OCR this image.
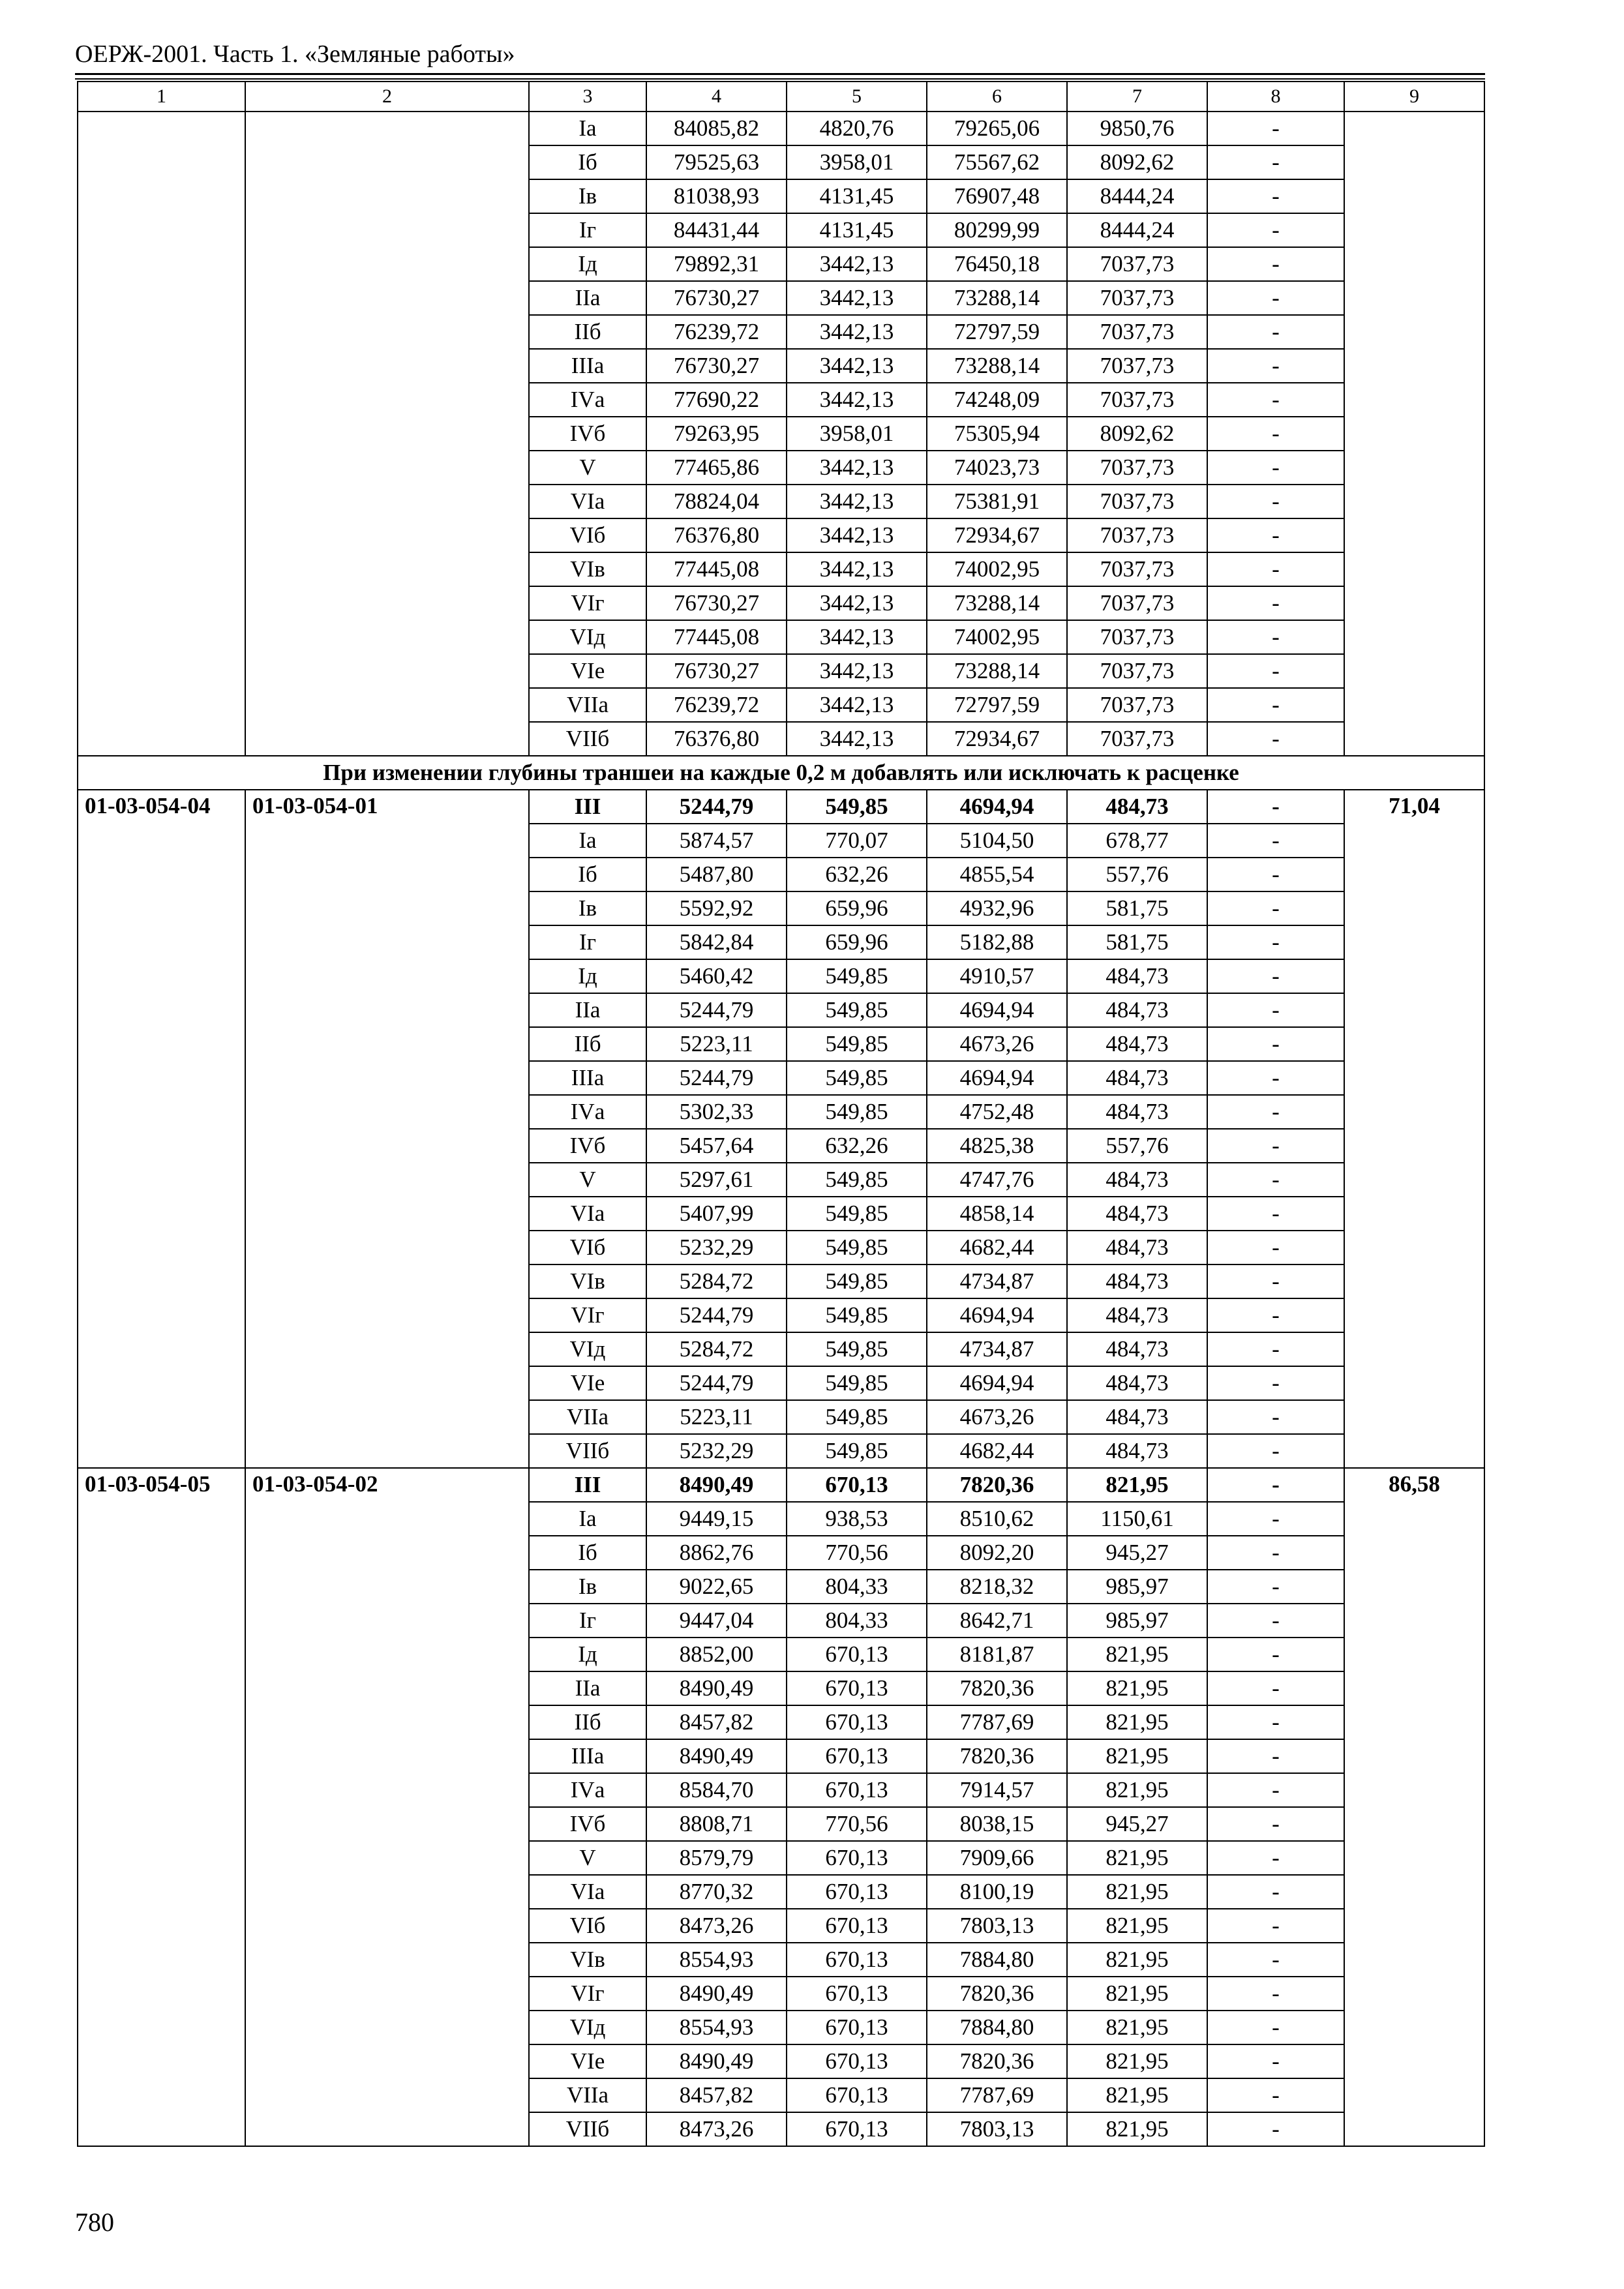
ОЕРЖ-2001. Часть 1. «Земляные работы»
1	2	3	4	5	6	7	8	9
		Iа	84085,82	4820,76	79265,06	9850,76	-	
		Iб	79525,63	3958,01	75567,62	8092,62	-	
		Iв	81038,93	4131,45	76907,48	8444,24	-	
		Iг	84431,44	4131,45	80299,99	8444,24	-	
		Iд	79892,31	3442,13	76450,18	7037,73	-	
		IIа	76730,27	3442,13	73288,14	7037,73	-	
		IIб	76239,72	3442,13	72797,59	7037,73	-	
		IIIа	76730,27	3442,13	73288,14	7037,73	-	
		IVа	77690,22	3442,13	74248,09	7037,73	-	
		IVб	79263,95	3958,01	75305,94	8092,62	-	
		V	77465,86	3442,13	74023,73	7037,73	-	
		VIа	78824,04	3442,13	75381,91	7037,73	-	
		VIб	76376,80	3442,13	72934,67	7037,73	-	
		VIв	77445,08	3442,13	74002,95	7037,73	-	
		VIг	76730,27	3442,13	73288,14	7037,73	-	
		VIд	77445,08	3442,13	74002,95	7037,73	-	
		VIе	76730,27	3442,13	73288,14	7037,73	-	
		VIIа	76239,72	3442,13	72797,59	7037,73	-	
		VIIб	76376,80	3442,13	72934,67	7037,73	-	
При изменении глубины траншеи на каждые 0,2 м добавлять или исключать к расценке								
01-03-054-04	01-03-054-01	III	5244,79	549,85	4694,94	484,73	-	71,04
		Iа	5874,57	770,07	5104,50	678,77	-	
		Iб	5487,80	632,26	4855,54	557,76	-	
		Iв	5592,92	659,96	4932,96	581,75	-	
		Iг	5842,84	659,96	5182,88	581,75	-	
		Iд	5460,42	549,85	4910,57	484,73	-	
		IIа	5244,79	549,85	4694,94	484,73	-	
		IIб	5223,11	549,85	4673,26	484,73	-	
		IIIа	5244,79	549,85	4694,94	484,73	-	
		IVа	5302,33	549,85	4752,48	484,73	-	
		IVб	5457,64	632,26	4825,38	557,76	-	
		V	5297,61	549,85	4747,76	484,73	-	
		VIа	5407,99	549,85	4858,14	484,73	-	
		VIб	5232,29	549,85	4682,44	484,73	-	
		VIв	5284,72	549,85	4734,87	484,73	-	
		VIг	5244,79	549,85	4694,94	484,73	-	
		VIд	5284,72	549,85	4734,87	484,73	-	
		VIе	5244,79	549,85	4694,94	484,73	-	
		VIIа	5223,11	549,85	4673,26	484,73	-	
		VIIб	5232,29	549,85	4682,44	484,73	-	
01-03-054-05	01-03-054-02	III	8490,49	670,13	7820,36	821,95	-	86,58
		Iа	9449,15	938,53	8510,62	1150,61	-	
		Iб	8862,76	770,56	8092,20	945,27	-	
		Iв	9022,65	804,33	8218,32	985,97	-	
		Iг	9447,04	804,33	8642,71	985,97	-	
		Iд	8852,00	670,13	8181,87	821,95	-	
		IIа	8490,49	670,13	7820,36	821,95	-	
		IIб	8457,82	670,13	7787,69	821,95	-	
		IIIа	8490,49	670,13	7820,36	821,95	-	
		IVа	8584,70	670,13	7914,57	821,95	-	
		IVб	8808,71	770,56	8038,15	945,27	-	
		V	8579,79	670,13	7909,66	821,95	-	
		VIа	8770,32	670,13	8100,19	821,95	-	
		VIб	8473,26	670,13	7803,13	821,95	-	
		VIв	8554,93	670,13	7884,80	821,95	-	
		VIг	8490,49	670,13	7820,36	821,95	-	
		VIд	8554,93	670,13	7884,80	821,95	-	
		VIе	8490,49	670,13	7820,36	821,95	-	
		VIIа	8457,82	670,13	7787,69	821,95	-	
		VIIб	8473,26	670,13	7803,13	821,95	-	
780
